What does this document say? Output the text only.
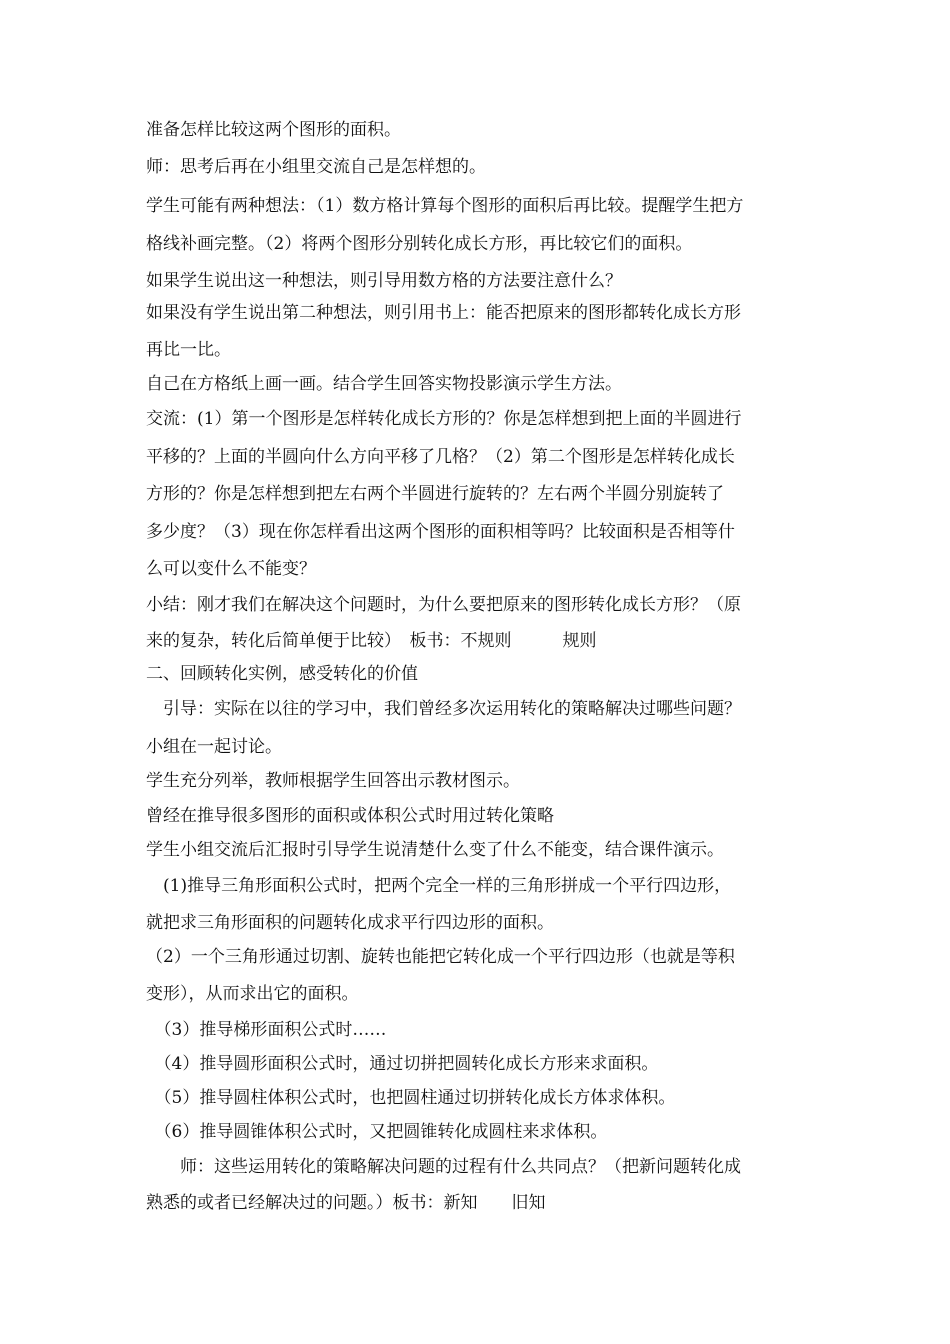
准备怎样比较这两个图形的面积。
师：思考后再在小组里交流自己是怎样想的。
学生可能有两种想法：（1）数方格计算每个图形的面积后再比较。提醒学生把方
格线补画完整。（2）将两个图形分别转化成长方形，再比较它们的面积。
如果学生说出这一种想法，则引导用数方格的方法要注意什么？
如果没有学生说出第二种想法，则引用书上：能否把原来的图形都转化成长方形
再比一比。
自己在方格纸上画一画。结合学生回答实物投影演示学生方法。
交流：(1）第一个图形是怎样转化成长方形的？你是怎样想到把上面的半圆进行
平移的？上面的半圆向什么方向平移了几格？（2）第二个图形是怎样转化成长
方形的？你是怎样想到把左右两个半圆进行旋转的？左右两个半圆分别旋转了
多少度？（3）现在你怎样看出这两个图形的面积相等吗？比较面积是否相等什
么可以变什么不能变？
小结：刚才我们在解决这个问题时，为什么要把原来的图形转化成长方形？（原
来的复杂，转化后简单便于比较）　板书：不规则　　　规则
二、回顾转化实例，感受转化的价值
　引导：实际在以往的学习中，我们曾经多次运用转化的策略解决过哪些问题？
小组在一起讨论。
学生充分列举，教师根据学生回答出示教材图示。
曾经在推导很多图形的面积或体积公式时用过转化策略
学生小组交流后汇报时引导学生说清楚什么变了什么不能变，结合课件演示。
　(1)推导三角形面积公式时，把两个完全一样的三角形拼成一个平行四边形，
就把求三角形面积的问题转化成求平行四边形的面积。
（2）一个三角形通过切割、旋转也能把它转化成一个平行四边形（也就是等积
变形），从而求出它的面积。
　（3）推导梯形面积公式时……
　（4）推导圆形面积公式时，通过切拼把圆转化成长方形来求面积。
　（5）推导圆柱体积公式时，也把圆柱通过切拼转化成长方体求体积。
　（6）推导圆锥体积公式时，又把圆锥转化成圆柱来求体积。
　　师：这些运用转化的策略解决问题的过程有什么共同点？（把新问题转化成
熟悉的或者已经解决过的问题。）板书：新知　　旧知
